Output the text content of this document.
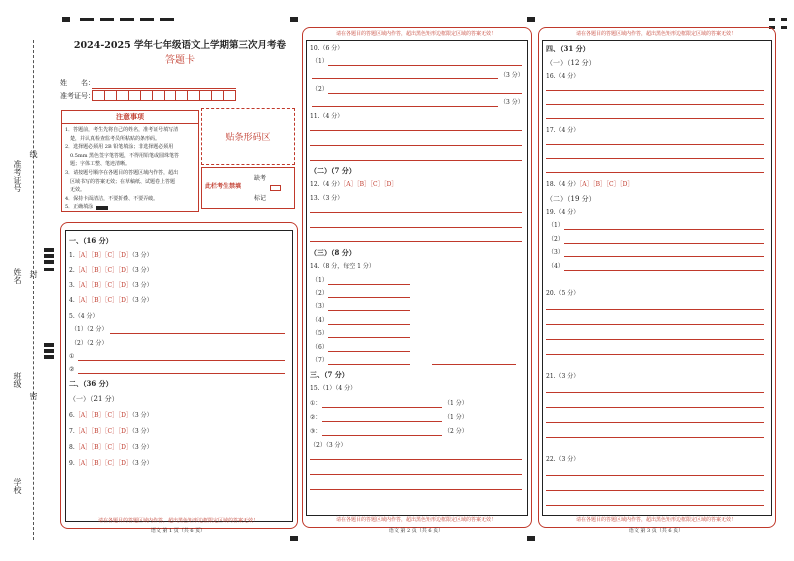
准考证号
线
姓名 封
班级
密
学校
2024-2025 学年七年级语文上学期第三次月考卷
答题卡
姓　　名：
准考证号：
注意事项
1．答题前，考生先将自己的姓名，准考证号填写清
　楚，并认真检查监考员所粘贴的条形码。
2．选择题必须用 2B 铅笔填涂；非选择题必须用
　0.5mm 黑色签字笔答题，不得用铅笔或圆珠笔答
　题；字体工整、笔迹清晰。
3．请按题号顺序在各题目的答题区域内作答，超出
　区域书写的答案无效；在草稿纸、试题卷上答题
　无效。
4．保持卡面清洁，不要折叠、不要弄破。
5．正确填涂
贴条形码区
此栏考生禁填
缺考
标记
请在各题目的答题区域内作答，超出黑色矩形边框限定区域的答案无效！
语文 第 1 页（共 6 页）
一、（16 分）
1.［A］［B］［C］［D］（3 分）
2.［A］［B］［C］［D］（3 分）
3.［A］［B］［C］［D］（3 分）
4.［A］［B］［C］［D］（3 分）
5.（4 分）
（1）（2 分）
（2）（2 分）
①
②
二、（36 分）
（一）（21 分）
6.［A］［B］［C］［D］（3 分）
7.［A］［B］［C］［D］（3 分）
8.［A］［B］［C］［D］（3 分）
9.［A］［B］［C］［D］（3 分）
请在各题目的答题区域内作答，超出黑色矩形边框限定区域的答案无效！
请在各题目的答题区域内作答，超出黑色矩形边框限定区域的答案无效！
语文 第 2 页（共 6 页）
10.（6 分）
（1）
（3 分）
（2）
（3 分）
11.（4 分）
（二）（7 分）
12.（4 分）［A］［B］［C］［D］
13.（3 分）
（三）（8 分）
14.（8 分，每空 1 分）
（1）
（2）
（3）
（4）
（5）
（6）
（7）
三、（7 分）
15.（1）（4 分）
①：	（1 分）
②：	（1 分）
③：	（2 分）
（2）（3 分）
请在各题目的答题区域内作答，超出黑色矩形边框限定区域的答案无效！
请在各题目的答题区域内作答，超出黑色矩形边框限定区域的答案无效！
语文 第 3 页（共 6 页）
四、（31 分）
（一）（12 分）
16.（4 分）
17.（4 分）
18.（4 分）［A］［B］［C］［D］
（二）（19 分）
19.（4 分）
（1）
（2）
（3）
（4）
20.（5 分）
21.（3 分）
22.（3 分）
